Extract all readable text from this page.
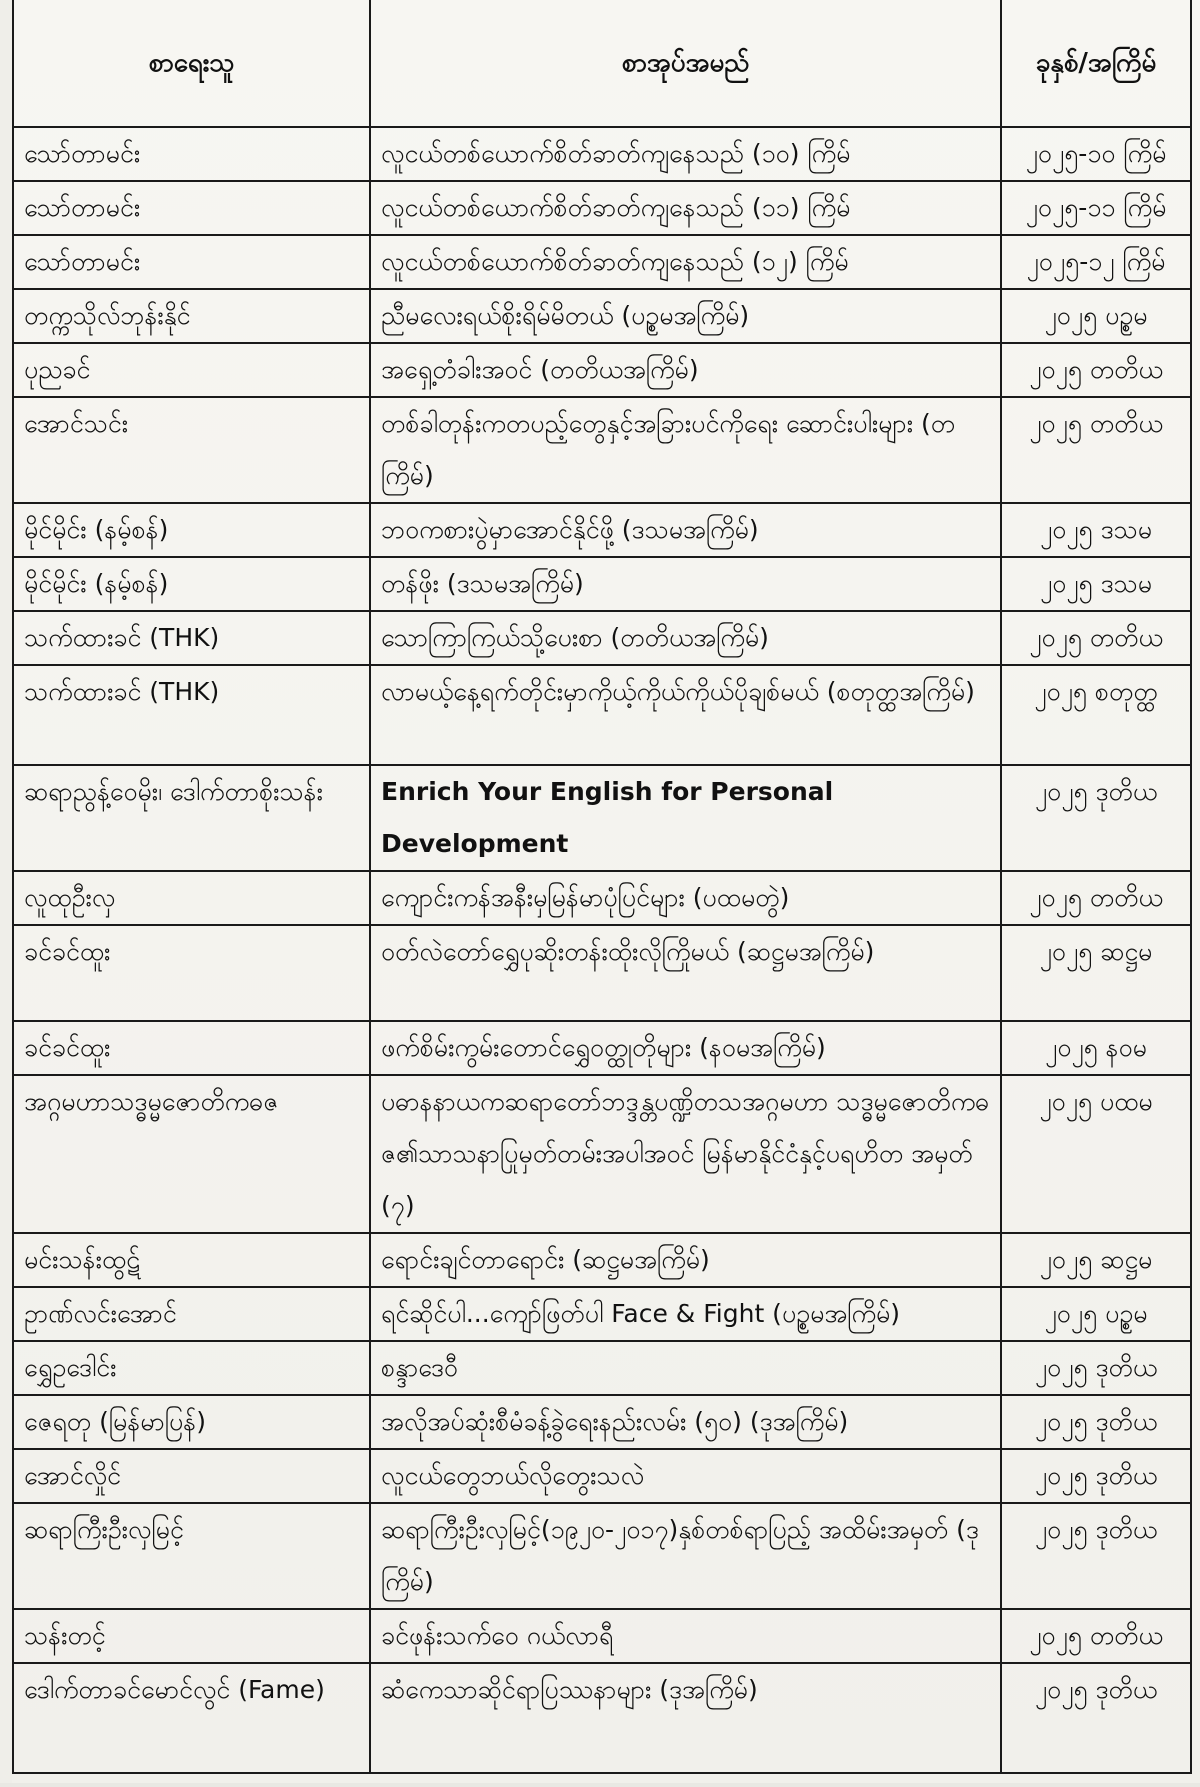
စာရေးသူ	စာအုပ်အမည်	ခုနှစ်/အကြိမ်
သော်တာမင်း	လူငယ်တစ်ယောက်စိတ်ခာတ်ကျနေသည် (၁၀) ကြိမ်	၂၀၂၅-၁၀ ကြိမ်
သော်တာမင်း	လူငယ်တစ်ယောက်စိတ်ခာတ်ကျနေသည် (၁၁) ကြိမ်	၂၀၂၅-၁၁ ကြိမ်
သော်တာမင်း	လူငယ်တစ်ယောက်စိတ်ခာတ်ကျနေသည် (၁၂) ကြိမ်	၂၀၂၅-၁၂ ကြိမ်
တက္ကသိုလ်ဘုန်းနိုင်	ညီမလေးရယ်စိုးရိမ်မိတယ် (ပဉ္စမအကြိမ်)	၂၀၂၅ ပဉ္စမ
ပုညခင်	အရှေ့တံခါးအဝင် (တတိယအကြိမ်)	၂၀၂၅ တတိယ
အောင်သင်း	တစ်ခါတုန်းကတပည့်တွေနှင့်အခြားပင်ကိုရေး ဆောင်းပါးများ (တကြိမ်)	၂၀၂၅ တတိယ
မိုင်မိုင်း (နမ့်စန်)	ဘဝကစားပွဲမှာအောင်နိုင်ဖို့ (ဒသမအကြိမ်)	၂၀၂၅ ဒသမ
မိုင်မိုင်း (နမ့်စန်)	တန်ဖိုး (ဒသမအကြိမ်)	၂၀၂၅ ဒသမ
သက်ထားခင် (THK)	သောကြာကြယ်သို့ပေးစာ (တတိယအကြိမ်)	၂၀၂၅ တတိယ
သက်ထားခင် (THK)	လာမယ့်နေ့ရက်တိုင်းမှာကိုယ့်ကိုယ်ကိုယ်ပိုချစ်မယ် (စတုတ္ထအကြိမ်)	၂၀၂၅ စတုတ္ထ
ဆရာညွန့်ဝေမိုး၊ ဒေါက်တာစိုးသန်း	Enrich Your English for Personal Development	၂၀၂၅ ဒုတိယ
လူထုဦးလှ	ကျောင်းကန်အနီးမှမြန်မာပုံပြင်များ (ပထမတွဲ)	၂၀၂၅ တတိယ
ခင်ခင်ထူး	ဝတ်လဲတော်ရွှေပုဆိုးတန်းထိုးလိုကြိုမယ် (ဆဋ္ဌမအကြိမ်)	၂၀၂၅ ဆဋ္ဌမ
ခင်ခင်ထူး	ဖက်စိမ်းကွမ်းတောင်ရွှေဝတ္ထုတိုများ (နဝမအကြိမ်)	၂၀၂၅ နဝမ
အဂ္ဂမဟာသဒ္ဓမ္မဇောတိကဓဇ	ပဓာနနာယကဆရာတော်ဘဒ္ဒန္တပဏ္ဍိတသအဂ္ဂမဟာ သဒ္ဓမ္မဇောတိကဓဇ၏သာသနာပြုမှတ်တမ်းအပါအဝင် မြန်မာနိုင်ငံနှင့်ပရဟိတ အမှတ် (၇)	၂၀၂၅ ပထမ
မင်းသန်းထွဋ်	ရောင်းချင်တာရောင်း (ဆဋ္ဌမအကြိမ်)	၂၀၂၅ ဆဋ္ဌမ
ဥာဏ်လင်းအောင်	ရင်ဆိုင်ပါ...ကျော်ဖြတ်ပါ Face & Fight (ပဉ္စမအကြိမ်)	၂၀၂၅ ပဉ္စမ
ရွှေဥဒေါင်း	စန္ဒာဒေဝီ	၂၀၂၅ ဒုတိယ
ဇေရတု (မြန်မာပြန်)	အလိုအပ်ဆုံးစီမံခန့်ခွဲရေးနည်းလမ်း (၅၀) (ဒုအကြိမ်)	၂၀၂၅ ဒုတိယ
အောင်လှိုင်	လူငယ်တွေဘယ်လိုတွေးသလဲ	၂၀၂၅ ဒုတိယ
ဆရာကြီးဦးလှမြင့်	ဆရာကြီးဦးလှမြင့်(၁၉၂၀-၂၀၁၇)နှစ်တစ်ရာပြည့် အထိမ်းအမှတ် (ဒုကြိမ်)	၂၀၂၅ ဒုတိယ
သန်းတင့်	ခင်ဖုန်းသက်ဝေ ဂယ်လာရီ	၂၀၂၅ တတိယ
ဒေါက်တာခင်မောင်လွင် (Fame)	ဆံကေသာဆိုင်ရာပြဿနာများ (ဒုအကြိမ်)	၂၀၂၅ ဒုတိယ
